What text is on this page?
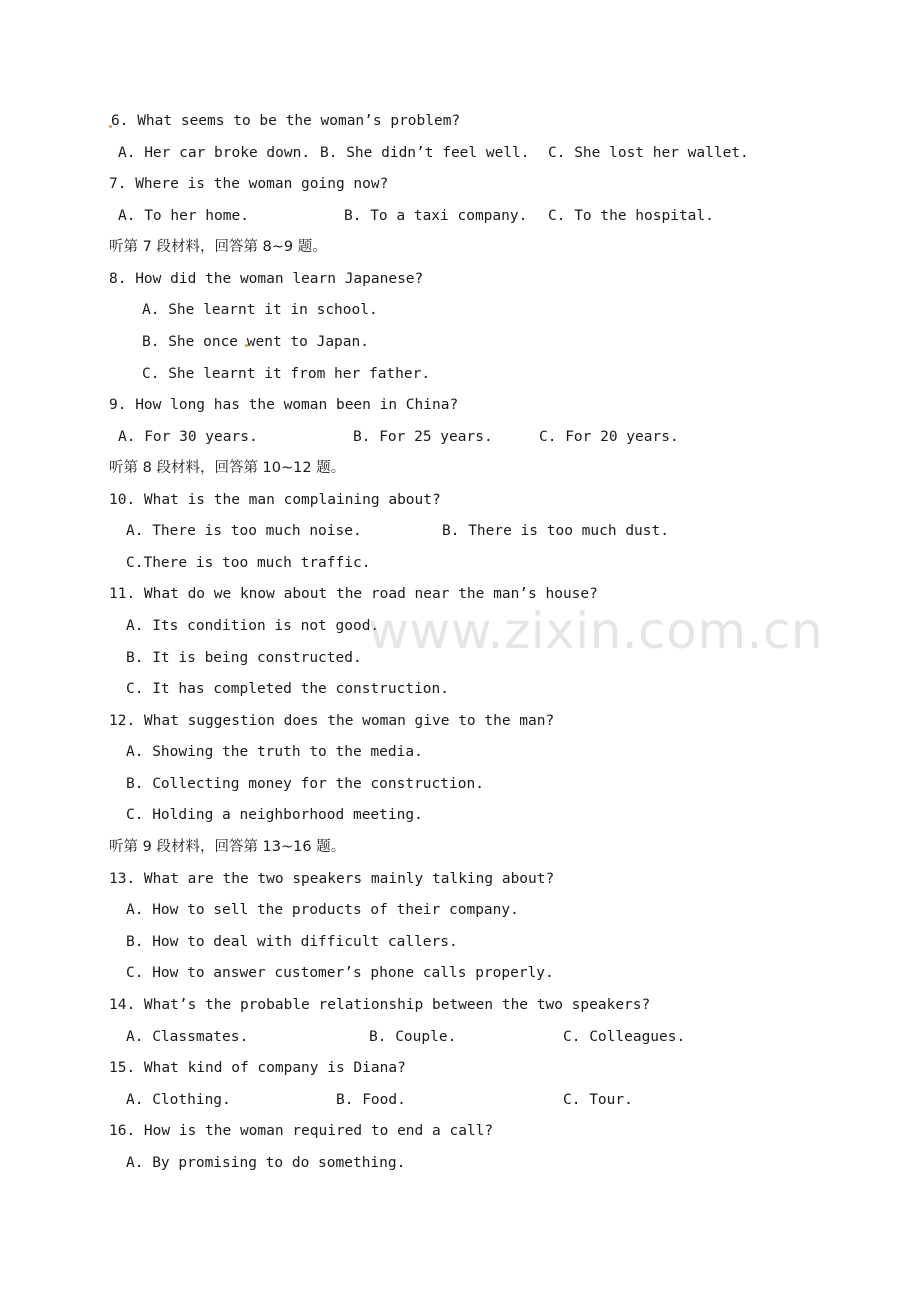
6. What seems to be the woman’s problem?
A. Her car broke down. B. She didn’t feel well. C. She lost her wallet.
7. Where is the woman going now?
A. To her home.	B. To a taxi company. C. To the hospital.
听第 7 段材料，回答第 8~9 题。
8. How did the woman learn Japanese?
A. She learnt it in school.
B. She once went to Japan.
C. She learnt it from her father.
9. How long has the woman been in China?
A. For 30 years.	B. For 25 years.	C. For 20 years.
听第 8 段材料，回答第 10~12 题。
10. What is the man complaining about?
A. There is too much noise.	B. There is too much dust.
C.There is too much traffic.
11. What do we know about the road near the man’s house?
A. Its condition is not good.
B. It is being constructed.
C. It has completed the construction.
12. What suggestion does the woman give to the man?
A. Showing the truth to the media.
B. Collecting money for the construction.
C. Holding a neighborhood meeting.
听第 9 段材料，回答第 13~16 题。
13. What are the two speakers mainly talking about?
A. How to sell the products of their company.
B. How to deal with difficult callers.
C. How to answer customer’s phone calls properly.
14. What’s the probable relationship between the two speakers?
A. Classmates.	B. Couple.	C. Colleagues.
15. What kind of company is Diana?
A. Clothing.	B. Food.	C. Tour.
16. How is the woman required to end a call?
A. By promising to do something.
www.zixin.com.cn
